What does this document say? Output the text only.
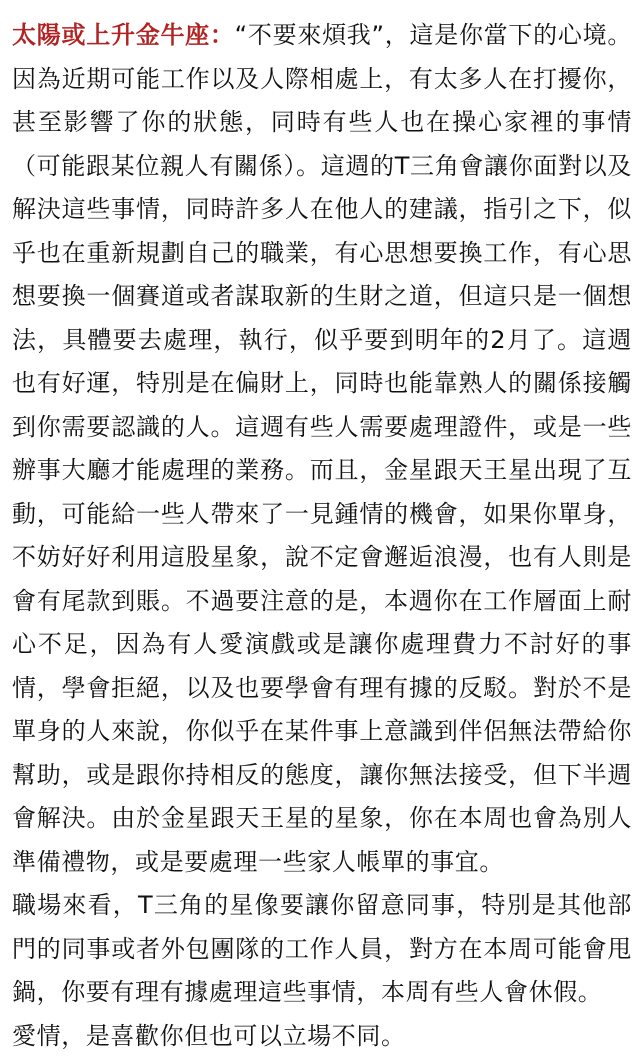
太陽或上升金牛座：“不要來煩我”，這是你當下的心境。因為近期可能工作以及人際相處上，有太多人在打擾你，甚至影響了你的狀態，同時有些人也在操心家裡的事情（可能跟某位親人有關係）。這週的T三角會讓你面對以及解決這些事情，同時許多人在他人的建議，指引之下，似乎也在重新規劃自己的職業，有心思想要換工作，有心思想要換一個賽道或者謀取新的生財之道，但這只是一個想法，具體要去處理，執行，似乎要到明年的2月了。這週也有好運，特別是在偏財上，同時也能靠熟人的關係接觸到你需要認識的人。這週有些人需要處理證件，或是一些辦事大廳才能處理的業務。而且，金星跟天王星出現了互動，可能給一些人帶來了一見鍾情的機會，如果你單身，不妨好好利用這股星象，說不定會邂逅浪漫，也有人則是會有尾款到賬。不過要注意的是，本週你在工作層面上耐心不足，因為有人愛演戲或是讓你處理費力不討好的事情，學會拒絕，以及也要學會有理有據的反駁。對於不是單身的人來說，你似乎在某件事上意識到伴侶無法帶給你幫助，或是跟你持相反的態度，讓你無法接受，但下半週會解決。由於金星跟天王星的星象，你在本周也會為別人準備禮物，或是要處理一些家人帳單的事宜。

職場來看，T三角的星像要讓你留意同事，特別是其他部門的同事或者外包團隊的工作人員，對方在本周可能會甩鍋，你要有理有據處理這些事情，本周有些人會休假。

愛情，是喜歡你但也可以立場不同。
